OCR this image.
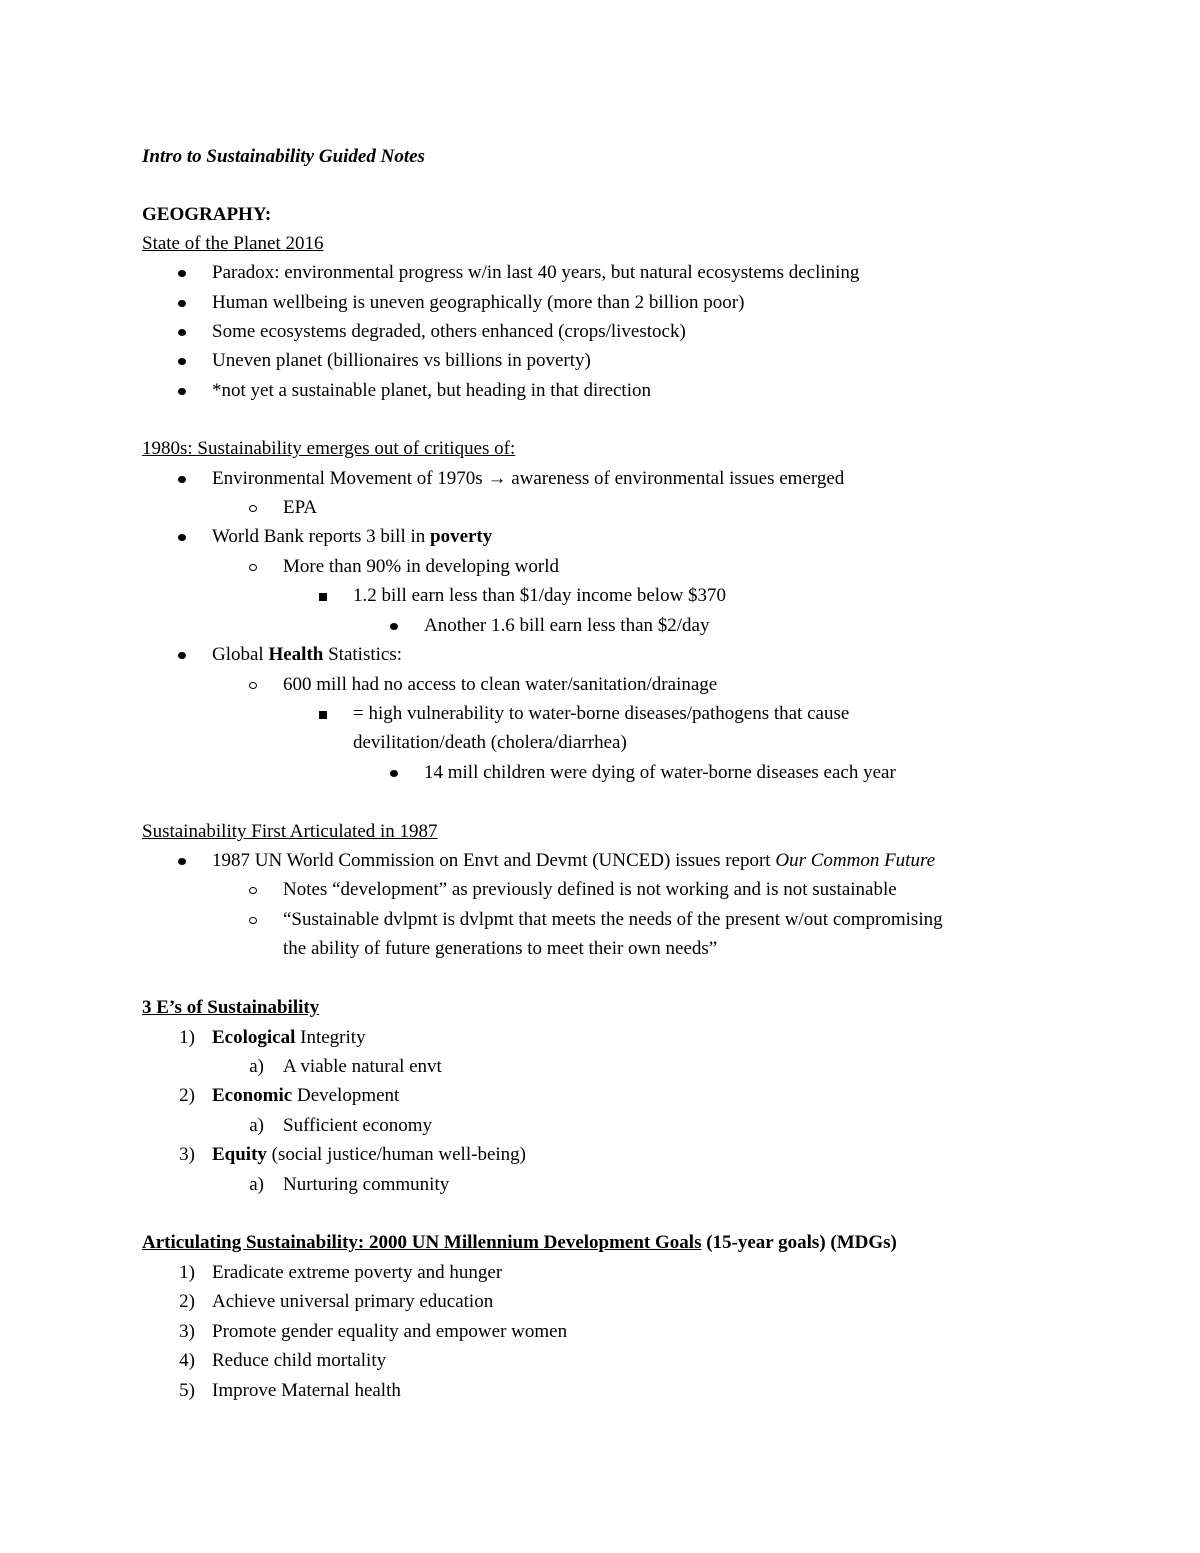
Intro to Sustainability Guided Notes
GEOGRAPHY:
State of the Planet 2016
Paradox: environmental progress w/in last 40 years, but natural ecosystems declining
Human wellbeing is uneven geographically (more than 2 billion poor)
Some ecosystems degraded, others enhanced (crops/livestock)
Uneven planet (billionaires vs billions in poverty)
*not yet a sustainable planet, but heading in that direction
1980s: Sustainability emerges out of critiques of:
Environmental Movement of 1970s → awareness of environmental issues emerged
EPA
World Bank reports 3 bill in poverty
More than 90% in developing world
1.2 bill earn less than $1/day income below $370
Another 1.6 bill earn less than $2/day
Global Health Statistics:
600 mill had no access to clean water/sanitation/drainage
= high vulnerability to water-borne diseases/pathogens that cause
devilitation/death (cholera/diarrhea)
14 mill children were dying of water-borne diseases each year
Sustainability First Articulated in 1987
1987 UN World Commission on Envt and Devmt (UNCED) issues report Our Common Future
Notes “development” as previously defined is not working and is not sustainable
“Sustainable dvlpmt is dvlpmt that meets the needs of the present w/out compromising
the ability of future generations to meet their own needs”
3 E’s of Sustainability
1) Ecological Integrity
a) A viable natural envt
2) Economic Development
a) Sufficient economy
3) Equity (social justice/human well-being)
a) Nurturing community
Articulating Sustainability: 2000 UN Millennium Development Goals (15-year goals) (MDGs)
1) Eradicate extreme poverty and hunger
2) Achieve universal primary education
3) Promote gender equality and empower women
4) Reduce child mortality
5) Improve Maternal health
